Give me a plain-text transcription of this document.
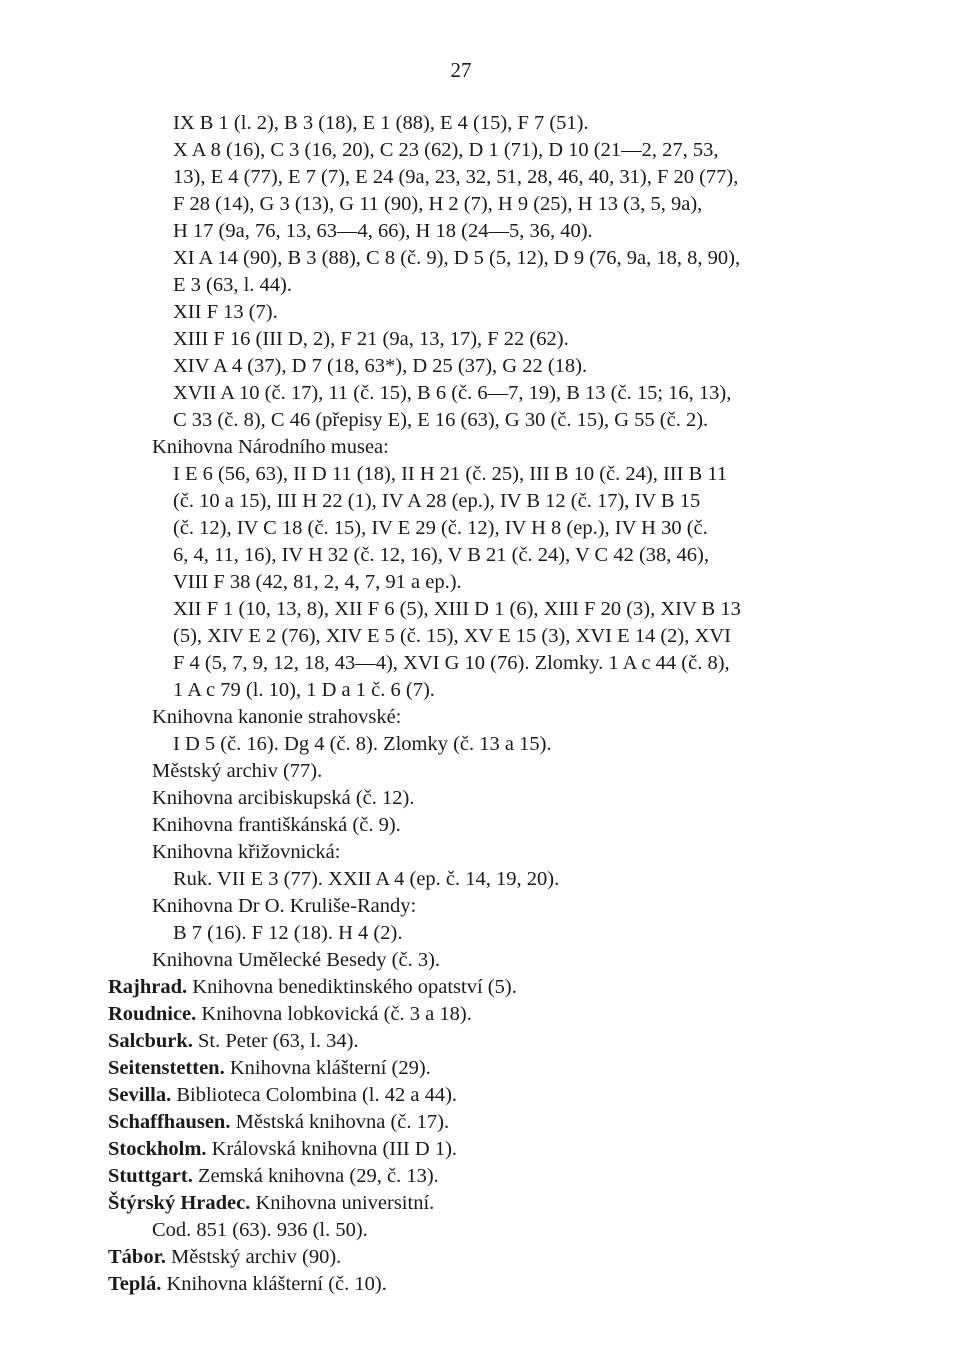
27
IX B 1 (l. 2), B 3 (18), E 1 (88), E 4 (15), F 7 (51).
X A 8 (16), C 3 (16, 20), C 23 (62), D 1 (71), D 10 (21—2, 27, 53,
13), E 4 (77), E 7 (7), E 24 (9a, 23, 32, 51, 28, 46, 40, 31), F 20 (77),
F 28 (14), G 3 (13), G 11 (90), H 2 (7), H 9 (25), H 13 (3, 5, 9a),
H 17 (9a, 76, 13, 63—4, 66), H 18 (24—5, 36, 40).
XI A 14 (90), B 3 (88), C 8 (č. 9), D 5 (5, 12), D 9 (76, 9a, 18, 8, 90),
E 3 (63, l. 44).
XII F 13 (7).
XIII F 16 (III D, 2), F 21 (9a, 13, 17), F 22 (62).
XIV A 4 (37), D 7 (18, 63*), D 25 (37), G 22 (18).
XVII A 10 (č. 17), 11 (č. 15), B 6 (č. 6—7, 19), B 13 (č. 15; 16, 13),
C 33 (č. 8), C 46 (přepisy E), E 16 (63), G 30 (č. 15), G 55 (č. 2).
Knihovna Národního musea:
I E 6 (56, 63), II D 11 (18), II H 21 (č. 25), III B 10 (č. 24), III B 11
(č. 10 a 15), III H 22 (1), IV A 28 (ep.), IV B 12 (č. 17), IV B 15
(č. 12), IV C 18 (č. 15), IV E 29 (č. 12), IV H 8 (ep.), IV H 30 (č.
6, 4, 11, 16), IV H 32 (č. 12, 16), V B 21 (č. 24), V C 42 (38, 46),
VIII F 38 (42, 81, 2, 4, 7, 91 a ep.).
XII F 1 (10, 13, 8), XII F 6 (5), XIII D 1 (6), XIII F 20 (3), XIV B 13
(5), XIV E 2 (76), XIV E 5 (č. 15), XV E 15 (3), XVI E 14 (2), XVI
F 4 (5, 7, 9, 12, 18, 43—4), XVI G 10 (76). Zlomky. 1 A c 44 (č. 8),
1 A c 79 (l. 10), 1 D a 1 č. 6 (7).
Knihovna kanonie strahovské:
I D 5 (č. 16). Dg 4 (č. 8). Zlomky (č. 13 a 15).
Městský archiv (77).
Knihovna arcibiskupská (č. 12).
Knihovna františkánská (č. 9).
Knihovna křižovnická:
Ruk. VII E 3 (77). XXII A 4 (ep. č. 14, 19, 20).
Knihovna Dr O. Kruliše-Randy:
B 7 (16). F 12 (18). H 4 (2).
Knihovna Umělecké Besedy (č. 3).
Rajhrad. Knihovna benediktinského opatství (5).
Roudnice. Knihovna lobkovická (č. 3 a 18).
Salcburk. St. Peter (63, l. 34).
Seitenstetten. Knihovna klášterní (29).
Sevilla. Biblioteca Colombina (l. 42 a 44).
Schaffhausen. Městská knihovna (č. 17).
Stockholm. Královská knihovna (III D 1).
Stuttgart. Zemská knihovna (29, č. 13).
Štýrský Hradec. Knihovna universitní.
Cod. 851 (63). 936 (l. 50).
Tábor. Městský archiv (90).
Teplá. Knihovna klášterní (č. 10).
